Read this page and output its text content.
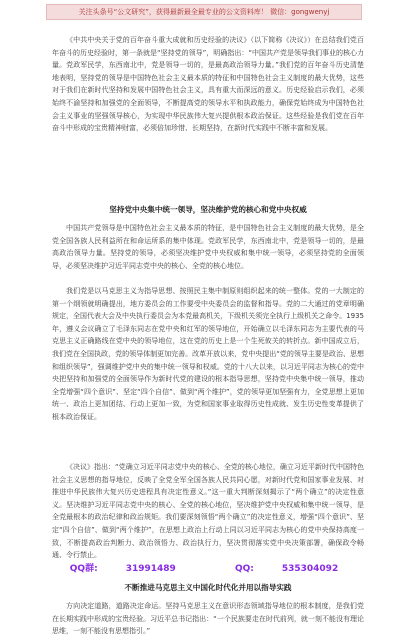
关注头条号“公文研究”，获得最新最全最专业的公文资料库！ 微信：gongwenyj

《中共中央关于党的百年奋斗重大成就和历史经验的决议》（以下简称《决议》）在总结我们党百年奋斗的历史经验时，第一条就是“坚持党的领导”，明确指出：“中国共产党是领导我们事业的核心力量。党政军民学，东西南北中，党是领导一切的，是最高政治领导力量。”我们党的百年奋斗历史清楚地表明，坚持党的领导是中国特色社会主义最本质的特征和中国特色社会主义制度的最大优势，这些对于我们在新时代坚持和发展中国特色社会主义，具有重大而深远的意义。历史经验启示我们，必须始终不渝坚持和加强党的全面领导，不断提高党的领导水平和执政能力，确保党始终成为中国特色社会主义事业的坚强领导核心，为实现中华民族伟大复兴提供根本政治保证。这些经验是我们党在百年奋斗中形成的宝贵精神财富，必须倍加珍惜、长期坚持，在新时代实践中不断丰富和发展。

坚持党中央集中统一领导，坚决维护党的核心和党中央权威

中国共产党领导是中国特色社会主义最本质的特征，是中国特色社会主义制度的最大优势，是全党全国各族人民利益所在和命运所系的集中体现。党政军民学，东西南北中，党是领导一切的，是最高政治领导力量。坚持党的领导，必须坚决维护党中央权威和集中统一领导，必须坚持党的全面领导，必须坚决维护习近平同志党中央的核心、全党的核心地位。

我们党是以马克思主义为指导思想、按照民主集中制原则组织起来的统一整体。党的一大制定的第一个纲领就明确提出，地方委员会的工作要受中央委员会的监督和指导。党的二大通过的党章明确规定，全国代表大会及中央执行委员会为本党最高机关，下级机关须完全执行上级机关之命令。1935年，遵义会议确立了毛泽东同志在党中央和红军的领导地位，开始确立以毛泽东同志为主要代表的马克思主义正确路线在党中央的领导地位，这在党的历史上是一个生死攸关的转折点。新中国成立后，我们党在全国执政，党的领导体制更加完善。改革开放以来，党中央提出“党的领导主要是政治、思想和组织领导”，强调维护党中央的集中统一领导和权威。党的十八大以来，以习近平同志为核心的党中央把坚持和加强党的全面领导作为新时代党的建设的根本指导思想，坚持党中央集中统一领导，推动全党增强“四个意识”、坚定“四个自信”、做到“两个维护”，党的领导更加坚强有力，全党思想上更加统一、政治上更加团结、行动上更加一致，为党和国家事业取得历史性成就、发生历史性变革提供了根本政治保证。

《决议》指出：“党确立习近平同志党中央的核心、全党的核心地位，确立习近平新时代中国特色社会主义思想的指导地位，反映了全党全军全国各族人民共同心愿，对新时代党和国家事业发展、对推进中华民族伟大复兴历史进程具有决定性意义。”这一重大判断深刻揭示了“两个确立”的决定性意义。坚决维护习近平同志党中央的核心、全党的核心地位，坚决维护党中央权威和集中统一领导，是全党最根本的政治纪律和政治规矩。我们要深刻领悟“两个确立”的决定性意义，增强“四个意识”、坚定“四个自信”、做到“两个维护”，在思想上政治上行动上同以习近平同志为核心的党中央保持高度一致，不断提高政治判断力、政治领悟力、政治执行力，坚决贯彻落实党中央决策部署，确保政令畅通、令行禁止。

不断推进马克思主义中国化时代化并用以指导实践

方向决定道路，道路决定命运。坚持马克思主义在意识形态领域指导地位的根本制度，是我们党在长期实践中形成的宝贵经验。习近平总书记指出：“一个民族要走在时代前列，就一刻不能没有理论思维，一刻不能没有思想指引。”

QQ群:	31991489	QQ:	535304092
